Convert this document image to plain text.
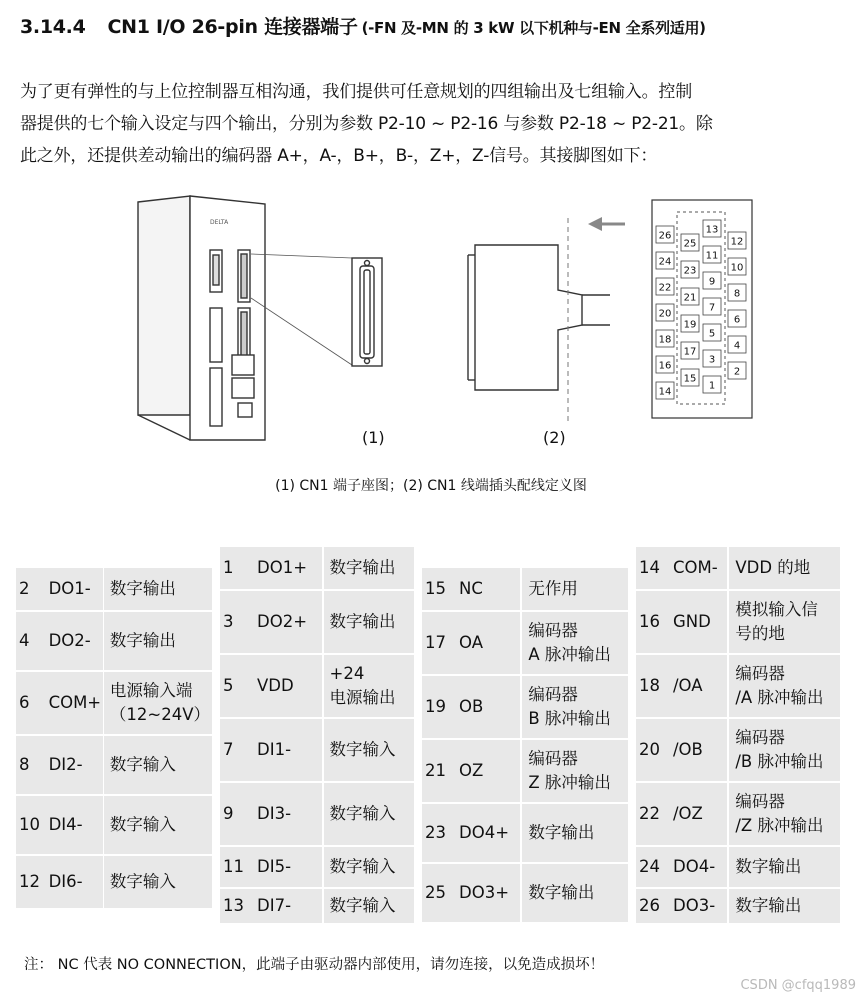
3.14.4 CN1 I/O 26-pin 连接器端子 (-FN 及-MN 的 3 kW 以下机种与-EN 全系列适用)
为了更有弹性的与上位控制器互相沟通，我们提供可任意规划的四组输出及七组输入。控制
器提供的七个输入设定与四个输出，分别为参数 P2-10 ~ P2-16 与参数 P2-18 ~ P2-21。除
此之外，还提供差动输出的编码器 A+，A-，B+，B-，Z+，Z-信号。其接脚图如下：
DELTA
26
24
22
20
18
16
14
25
23
21
19
17
15
13
11
9
7
5
3
1
12
10
8
6
4
2
(1)	(2)
(1) CN1 端子座图；(2) CN1 线端插头配线定义图
2	DO1-		数字输出

4	DO2-		数字输出

6	COM+		电源输入端
（12~24V）

8	DI2-		数字输入

10	DI4-		数字输入

12	DI6-		数字输入
1	DO1+		数字输出

3	DO2+		数字输出

5	VDD		+24
电源输出

7	DI1-		数字输入

9	DI3-		数字输入

11	DI5-		数字输入

13	DI7-		数字输入
15	NC		无作用

17	OA		编码器
A 脉冲输出

19	OB		编码器
B 脉冲输出

21	OZ		编码器
Z 脉冲输出

23	DO4+		数字输出

25	DO3+		数字输出
14	COM-		VDD 的地

16	GND		模拟输入信
号的地

18	/OA		编码器
/A 脉冲输出

20	/OB		编码器
/B 脉冲输出

22	/OZ		编码器
/Z 脉冲输出

24	DO4-		数字输出

26	DO3-		数字输出
注： NC 代表 NO CONNECTION，此端子由驱动器内部使用，请勿连接，以免造成损坏！
CSDN @cfqq1989
